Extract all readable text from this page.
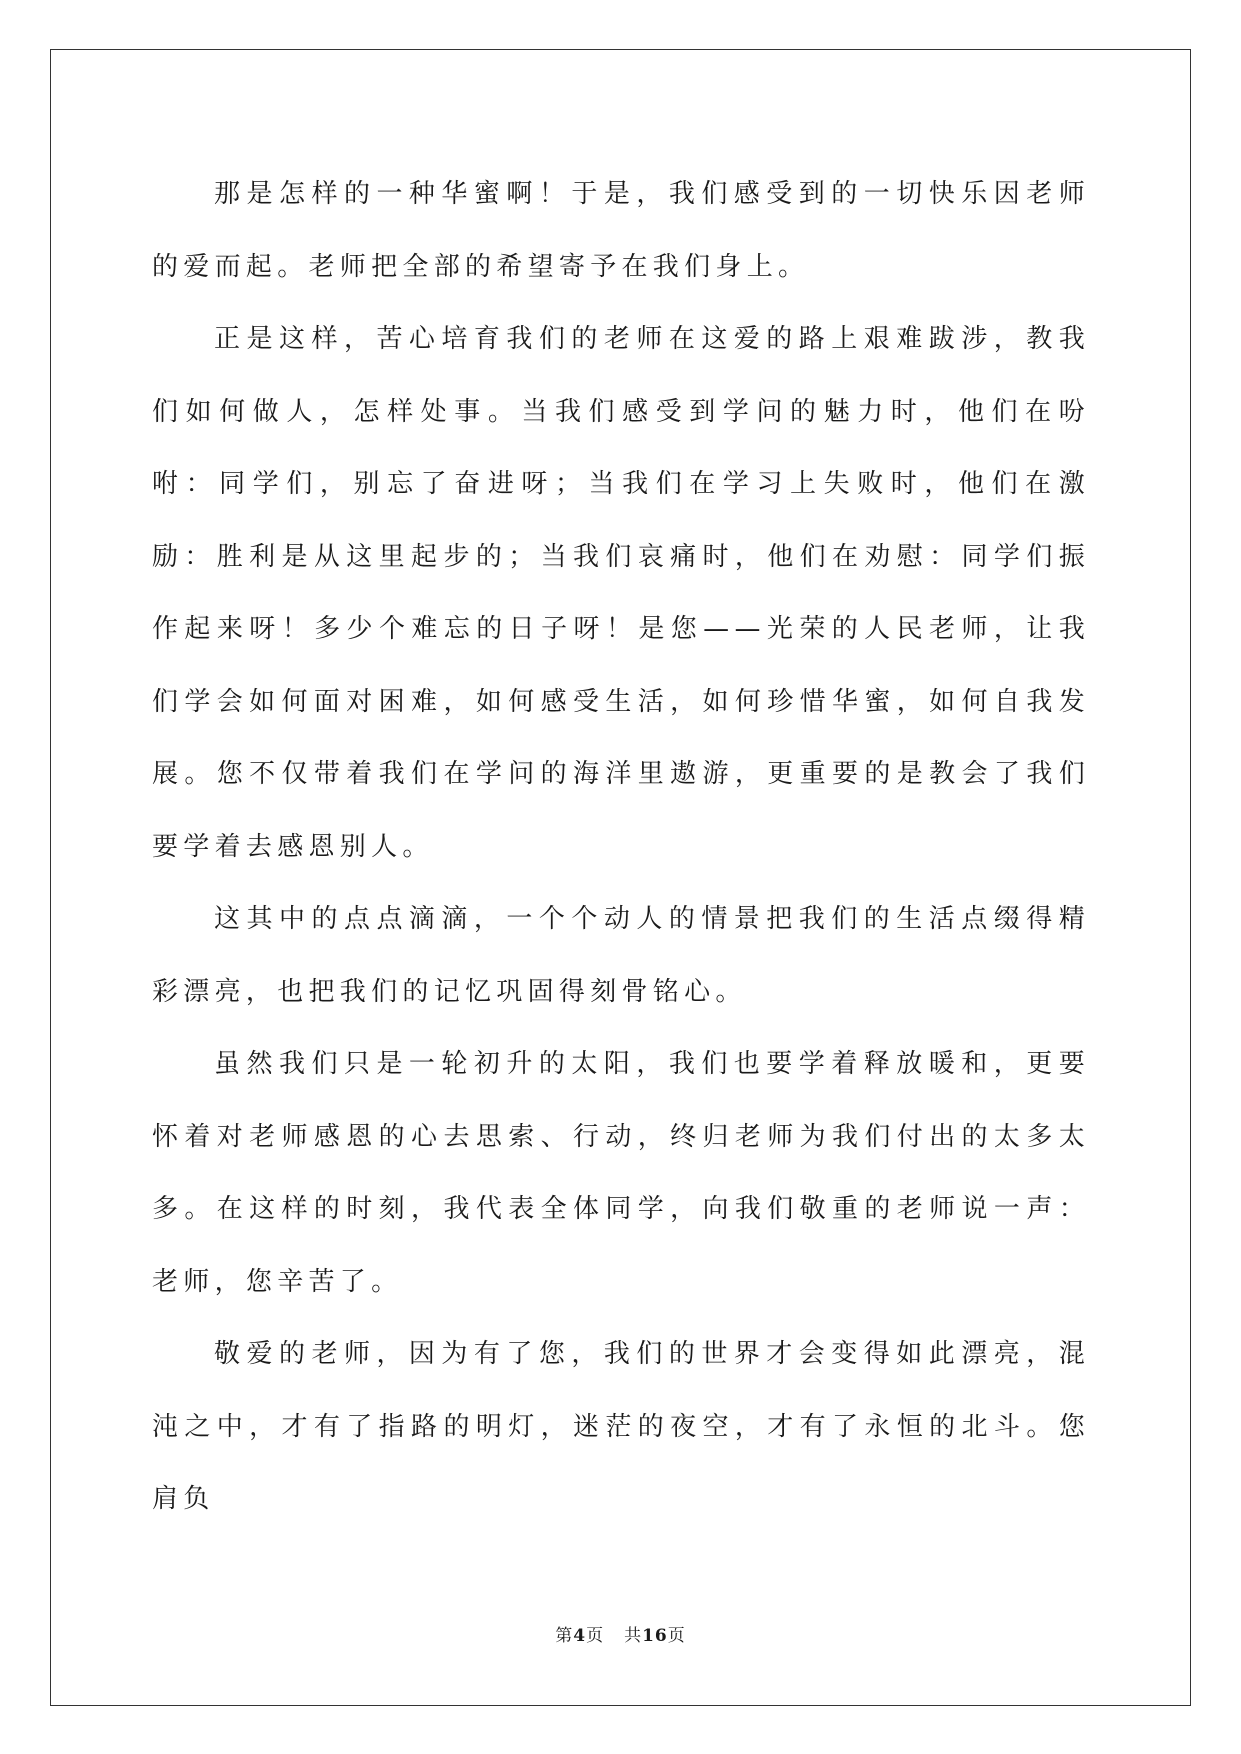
那是怎样的一种华蜜啊！于是，我们感受到的一切快乐因老师的爱而起。老师把全部的希望寄予在我们身上。

正是这样，苦心培育我们的老师在这爱的路上艰难跋涉，教我们如何做人，怎样处事。当我们感受到学问的魅力时，他们在吩咐：同学们，别忘了奋进呀；当我们在学习上失败时，他们在激励：胜利是从这里起步的；当我们哀痛时，他们在劝慰：同学们振作起来呀！多少个难忘的日子呀！是您——光荣的人民老师，让我们学会如何面对困难，如何感受生活，如何珍惜华蜜，如何自我发展。您不仅带着我们在学问的海洋里遨游，更重要的是教会了我们要学着去感恩别人。

这其中的点点滴滴，一个个动人的情景把我们的生活点缀得精彩漂亮，也把我们的记忆巩固得刻骨铭心。

虽然我们只是一轮初升的太阳，我们也要学着释放暖和，更要怀着对老师感恩的心去思索、行动，终归老师为我们付出的太多太多。在这样的时刻，我代表全体同学，向我们敬重的老师说一声：老师，您辛苦了。

敬爱的老师，因为有了您，我们的世界才会变得如此漂亮，混沌之中，才有了指路的明灯，迷茫的夜空，才有了永恒的北斗。您肩负

第4页 共16页
